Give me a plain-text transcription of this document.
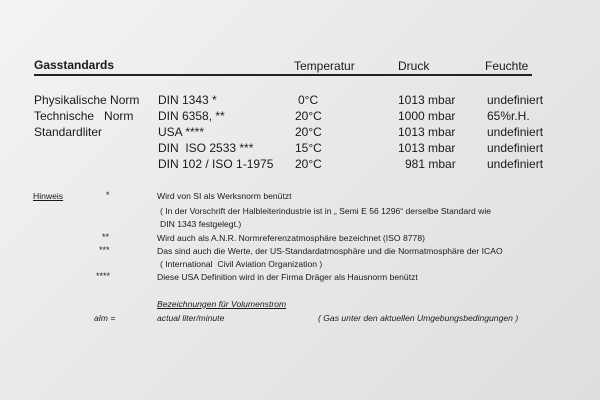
Gasstandards	Temperatur	Druck	Feuchte
Physikalische Norm DIN 1343 *	0°C	1013 mbar	undefiniert
Technische   Norm DIN 6358, **	20°C	1000 mbar	65%r.H.
Standardliter	USA ****	20°C	1013 mbar	undefiniert
DIN  ISO 2533 ***	15°C	1013 mbar	undefiniert
DIN 102 / ISO 1-1975 20°C	981 mbar	undefiniert
Hinweis	*	Wird von SI als Werksnorm benützt
( In der Vorschrift der Halbleiterindustrie ist in „ Semi E 56 1296“ derselbe Standard wie
DIN 1343 festgelegt.)
**	Wird auch als A.N.R. Normreferenzatmosphäre bezeichnet (ISO 8778)
***	Das sind auch die Werte, der US-Standardatmosphäre und die Normatmosphäre der ICAO
( International  Civil Aviation Organization )
****	Diese USA Definition wird in der Firma Dräger als Hausnorm benützt
Bezeichnungen für Volumenstrom
alm =	actual liter/minute	( Gas unter den aktuellen Umgebungsbedingungen )
